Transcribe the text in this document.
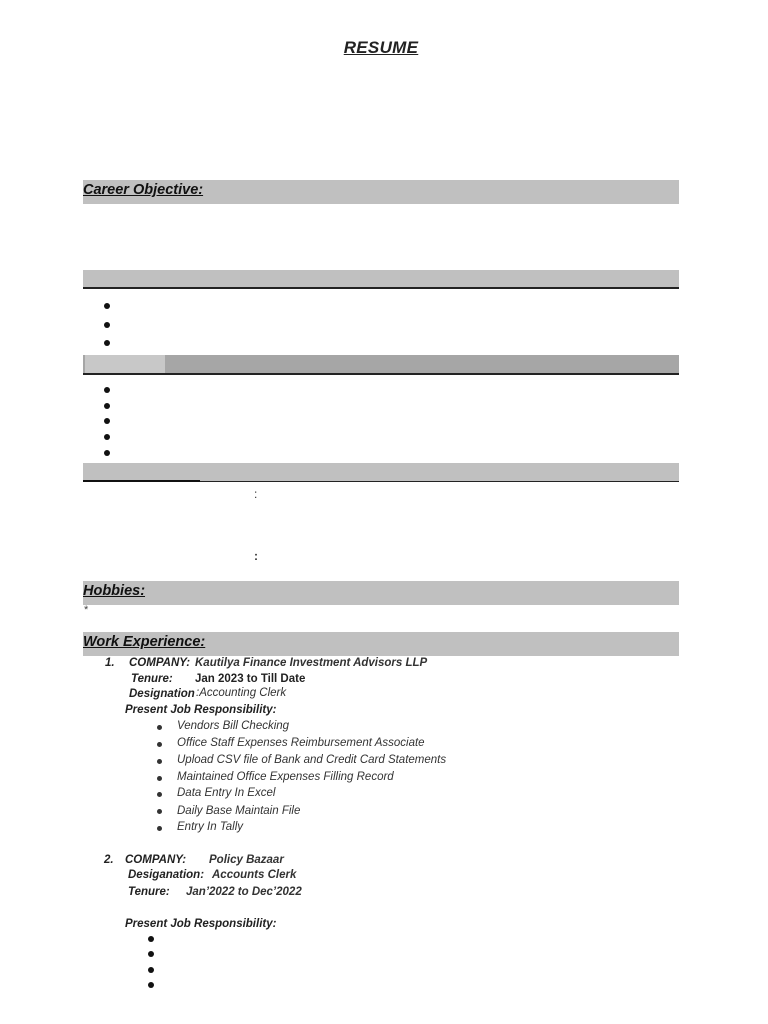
RESUME
Career Objective:
:
:
Hobbies:
*
Work Experience:
1. COMPANY: Kautilya Finance Investment Advisors LLP
Tenure: Jan 2023 to Till Date
Designation :Accounting Clerk
Present Job Responsibility:
Vendors Bill Checking
Office Staff Expenses Reimbursement Associate
Upload CSV file of Bank and Credit Card Statements
Maintained Office Expenses Filling Record
Data Entry In Excel
Daily Base Maintain File
Entry In Tally
2. COMPANY: Policy Bazaar
Desiganation: Accounts Clerk
Tenure: Jan’2022 to Dec’2022
Present Job Responsibility:
